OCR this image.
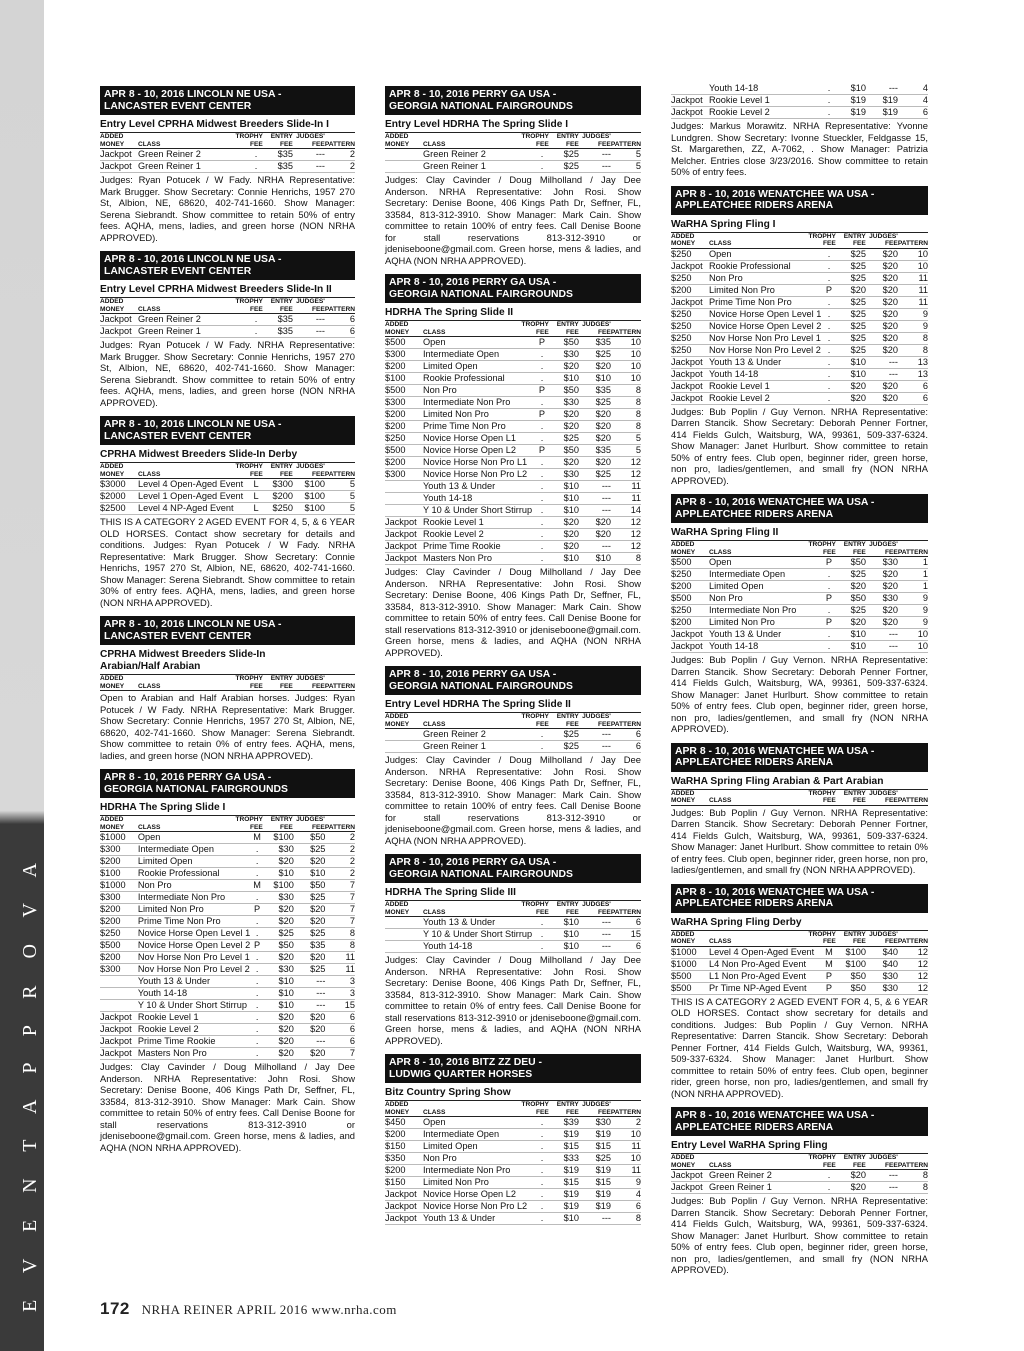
E V E N T A P P R O V A L S
APR 8 - 10, 2016 LINCOLN NE USA -
LANCASTER EVENT CENTER
Entry Level CPRHA Midwest Breeders Slide-In I
ADDED MONEY	CLASS	TROPHY FEE	ENTRY FEE	JUDGES' FEE	PATTERN
Jackpot	Green Reiner 2	.	$35	---	2
Jackpot	Green Reiner 1	.	$35	---	2
Judges: Ryan Potucek / W Fady. NRHA Representative: Mark Brugger. Show Secretary: Connie Henrichs, 1957 270 St, Albion, NE, 68620, 402-741-1660. Show Manager: Serena Siebrandt. Show committee to retain 50% of entry fees. AQHA, mens, ladies, and green horse (NON NRHA APPROVED).
APR 8 - 10, 2016 LINCOLN NE USA -
LANCASTER EVENT CENTER
Entry Level CPRHA Midwest Breeders Slide-In II
ADDED MONEY	CLASS	TROPHY FEE	ENTRY FEE	JUDGES' FEE	PATTERN
Jackpot	Green Reiner 2	.	$35	---	6
Jackpot	Green Reiner 1	.	$35	---	6
Judges: Ryan Potucek / W Fady. NRHA Representative: Mark Brugger. Show Secretary: Connie Henrichs, 1957 270 St, Albion, NE, 68620, 402-741-1660. Show Manager: Serena Siebrandt. Show committee to retain 50% of entry fees. AQHA, mens, ladies, and green horse (NON NRHA APPROVED).
APR 8 - 10, 2016 LINCOLN NE USA -
LANCASTER EVENT CENTER
CPRHA Midwest Breeders Slide-In Derby
ADDED MONEY	CLASS	TROPHY FEE	ENTRY FEE	JUDGES' FEE	PATTERN
$3000	Level 4 Open-Aged Event	L	$300	$100	5
$2000	Level 1 Open-Aged Event	L	$200	$100	5
$2500	Level 4 NP-Aged Event	L	$250	$100	5
THIS IS A CATEGORY 2 AGED EVENT FOR 4, 5, & 6 YEAR OLD HORSES. Contact show secretary for details and conditions. Judges: Ryan Potucek / W Fady. NRHA Representative: Mark Brugger. Show Secretary: Connie Henrichs, 1957 270 St, Albion, NE, 68620, 402-741-1660. Show Manager: Serena Siebrandt. Show committee to retain 30% of entry fees. AQHA, mens, ladies, and green horse (NON NRHA APPROVED).
APR 8 - 10, 2016 LINCOLN NE USA -
LANCASTER EVENT CENTER
CPRHA Midwest Breeders Slide-In
Arabian/Half Arabian
ADDED MONEY	CLASS	TROPHY FEE	ENTRY FEE	JUDGES' FEE	PATTERN
Open to Arabian and Half Arabian horses. Judges: Ryan Potucek / W Fady. NRHA Representative: Mark Brugger. Show Secretary: Connie Henrichs, 1957 270 St, Albion, NE, 68620, 402-741-1660. Show Manager: Serena Siebrandt. Show committee to retain 0% of entry fees. AQHA, mens, ladies, and green horse (NON NRHA APPROVED).
APR 8 - 10, 2016 PERRY GA USA -
GEORGIA NATIONAL FAIRGROUNDS
HDRHA The Spring Slide I
ADDED MONEY	CLASS	TROPHY FEE	ENTRY FEE	JUDGES' FEE	PATTERN
$1000	Open	M	$100	$50	2
$300	Intermediate Open	.	$30	$25	2
$200	Limited Open	.	$20	$20	2
$100	Rookie Professional	.	$10	$10	2
$1000	Non Pro	M	$100	$50	7
$300	Intermediate Non Pro	.	$30	$25	7
$200	Limited Non Pro	P	$20	$20	7
$200	Prime Time Non Pro	.	$20	$20	7
$250	Novice Horse Open Level 1	.	$25	$25	8
$500	Novice Horse Open Level 2	P	$50	$35	8
$200	Nov Horse Non Pro Level 1	.	$20	$20	11
$300	Nov Horse Non Pro Level 2	.	$30	$25	11
	Youth 13 & Under	.	$10	---	3
	Youth 14-18	.	$10	---	3
	Y 10 & Under Short Stirrup	.	$10	---	15
Jackpot	Rookie Level 1	.	$20	$20	6
Jackpot	Rookie Level 2	.	$20	$20	6
Jackpot	Prime Time Rookie	.	$20	---	6
Jackpot	Masters Non Pro	.	$20	$20	7
Judges: Clay Cavinder / Doug Milholland / Jay Dee Anderson. NRHA Representative: John Rosi. Show Secretary: Denise Boone, 406 Kings Path Dr, Seffner, FL, 33584, 813-312-3910. Show Manager: Mark Cain. Show committee to retain 50% of entry fees. Call Denise Boone for stall reservations 813-312-3910 or jdeniseboone@gmail.com. Green horse, mens & ladies, and AQHA (NON NRHA APPROVED).
APR 8 - 10, 2016 PERRY GA USA -
GEORGIA NATIONAL FAIRGROUNDS
Entry Level HDRHA The Spring Slide I
ADDED MONEY	CLASS	TROPHY FEE	ENTRY FEE	JUDGES' FEE	PATTERN
	Green Reiner 2	.	$25	---	5
	Green Reiner 1	.	$25	---	5
Judges: Clay Cavinder / Doug Milholland / Jay Dee Anderson. NRHA Representative: John Rosi. Show Secretary: Denise Boone, 406 Kings Path Dr, Seffner, FL, 33584, 813-312-3910. Show Manager: Mark Cain. Show committee to retain 100% of entry fees. Call Denise Boone for stall reservations 813-312-3910 or jdeniseboone@gmail.com. Green horse, mens & ladies, and AQHA (NON NRHA APPROVED).
APR 8 - 10, 2016 PERRY GA USA -
GEORGIA NATIONAL FAIRGROUNDS
HDRHA The Spring Slide II
ADDED MONEY	CLASS	TROPHY FEE	ENTRY FEE	JUDGES' FEE	PATTERN
$500	Open	P	$50	$35	10
$300	Intermediate Open	.	$30	$25	10
$200	Limited Open	.	$20	$20	10
$100	Rookie Professional	.	$10	$10	10
$500	Non Pro	P	$50	$35	8
$300	Intermediate Non Pro	.	$30	$25	8
$200	Limited Non Pro	P	$20	$20	8
$200	Prime Time Non Pro	.	$20	$20	8
$250	Novice Horse Open L1	.	$25	$20	5
$500	Novice Horse Open L2	P	$50	$35	5
$200	Novice Horse Non Pro L1	.	$20	$20	12
$300	Novice Horse Non Pro L2	.	$30	$25	12
	Youth 13 & Under	.	$10	---	11
	Youth 14-18	.	$10	---	11
	Y 10 & Under Short Stirrup	.	$10	---	14
Jackpot	Rookie Level 1	.	$20	$20	12
Jackpot	Rookie Level 2	.	$20	$20	12
Jackpot	Prime Time Rookie	.	$20	---	12
Jackpot	Masters Non Pro	.	$10	$10	8
Judges: Clay Cavinder / Doug Milholland / Jay Dee Anderson. NRHA Representative: John Rosi. Show Secretary: Denise Boone, 406 Kings Path Dr, Seffner, FL, 33584, 813-312-3910. Show Manager: Mark Cain. Show committee to retain 50% of entry fees. Call Denise Boone for stall reservations 813-312-3910 or jdeniseboone@gmail.com. Green horse, mens & ladies, and AQHA (NON NRHA APPROVED).
APR 8 - 10, 2016 PERRY GA USA -
GEORGIA NATIONAL FAIRGROUNDS
Entry Level HDRHA The Spring Slide II
ADDED MONEY	CLASS	TROPHY FEE	ENTRY FEE	JUDGES' FEE	PATTERN
	Green Reiner 2	.	$25	---	6
	Green Reiner 1	.	$25	---	6
Judges: Clay Cavinder / Doug Milholland / Jay Dee Anderson. NRHA Representative: John Rosi. Show Secretary: Denise Boone, 406 Kings Path Dr, Seffner, FL, 33584, 813-312-3910. Show Manager: Mark Cain. Show committee to retain 100% of entry fees. Call Denise Boone for stall reservations 813-312-3910 or jdeniseboone@gmail.com. Green horse, mens & ladies, and AQHA (NON NRHA APPROVED).
APR 8 - 10, 2016 PERRY GA USA -
GEORGIA NATIONAL FAIRGROUNDS
HDRHA The Spring Slide III
ADDED MONEY	CLASS	TROPHY FEE	ENTRY FEE	JUDGES' FEE	PATTERN
	Youth 13 & Under	.	$10	---	6
	Y 10 & Under Short Stirrup	.	$10	---	15
	Youth 14-18	.	$10	---	6
Judges: Clay Cavinder / Doug Milholland / Jay Dee Anderson. NRHA Representative: John Rosi. Show Secretary: Denise Boone, 406 Kings Path Dr, Seffner, FL, 33584, 813-312-3910. Show Manager: Mark Cain. Show committee to retain 0% of entry fees. Call Denise Boone for stall reservations 813-312-3910 or jdeniseboone@gmail.com. Green horse, mens & ladies, and AQHA (NON NRHA APPROVED).
APR 8 - 10, 2016 BITZ ZZ DEU -
LUDWIG QUARTER HORSES
Bitz Country Spring Show
ADDED MONEY	CLASS	TROPHY FEE	ENTRY FEE	JUDGES' FEE	PATTERN
$450	Open	.	$39	$30	2
$200	Intermediate Open	.	$19	$19	10
$150	Limited Open	.	$15	$15	11
$350	Non Pro	.	$33	$25	10
$200	Intermediate Non Pro	.	$19	$19	11
$150	Limited Non Pro	.	$15	$15	9
Jackpot	Novice Horse Open L2	.	$19	$19	4
Jackpot	Novice Horse Non Pro L2	.	$19	$19	6
Jackpot	Youth 13 & Under	.	$10	---	8
	Youth 14-18	.	$10	---	4
Jackpot	Rookie Level 1	.	$19	$19	4
Jackpot	Rookie Level 2	.	$19	$19	6
Judges: Markus Morawitz. NRHA Representative: Yvonne Lundgren. Show Secretary: Ivonne Stueckler, Feldgasse 15, St. Margarethen, ZZ, A-7062, . Show Manager: Patrizia Melcher. Entries close 3/23/2016. Show committee to retain 50% of entry fees.
APR 8 - 10, 2016 WENATCHEE WA USA -
APPLEATCHEE RIDERS ARENA
WaRHA Spring Fling I
ADDED MONEY	CLASS	TROPHY FEE	ENTRY FEE	JUDGES' FEE	PATTERN
$250	Open	.	$25	$20	10
Jackpot	Rookie Professional	.	$25	$20	10
$250	Non Pro	.	$25	$20	11
$200	Limited Non Pro	P	$20	$20	11
Jackpot	Prime Time Non Pro	.	$25	$20	11
$250	Novice Horse Open Level 1	.	$25	$20	9
$250	Novice Horse Open Level 2	.	$25	$20	9
$250	Nov Horse Non Pro Level 1	.	$25	$20	8
$250	Nov Horse Non Pro Level 2	.	$25	$20	8
Jackpot	Youth 13 & Under	.	$10	---	13
Jackpot	Youth 14-18	.	$10	---	13
Jackpot	Rookie Level 1	.	$20	$20	6
Jackpot	Rookie Level 2	.	$20	$20	6
Judges: Bub Poplin / Guy Vernon. NRHA Representative: Darren Stancik. Show Secretary: Deborah Penner Fortner, 414 Fields Gulch, Waitsburg, WA, 99361, 509-337-6324. Show Manager: Janet Hurlburt. Show committee to retain 50% of entry fees. Club open, beginner rider, green horse, non pro, ladies/gentlemen, and small fry (NON NRHA APPROVED).
APR 8 - 10, 2016 WENATCHEE WA USA -
APPLEATCHEE RIDERS ARENA
WaRHA Spring Fling II
ADDED MONEY	CLASS	TROPHY FEE	ENTRY FEE	JUDGES' FEE	PATTERN
$500	Open	P	$50	$30	1
$250	Intermediate Open	.	$25	$20	1
$200	Limited Open	.	$20	$20	1
$500	Non Pro	P	$50	$30	9
$250	Intermediate Non Pro	.	$25	$20	9
$200	Limited Non Pro	P	$20	$20	9
Jackpot	Youth 13 & Under	.	$10	---	10
Jackpot	Youth 14-18	.	$10	---	10
Judges: Bub Poplin / Guy Vernon. NRHA Representative: Darren Stancik. Show Secretary: Deborah Penner Fortner, 414 Fields Gulch, Waitsburg, WA, 99361, 509-337-6324. Show Manager: Janet Hurlburt. Show committee to retain 50% of entry fees. Club open, beginner rider, green horse, non pro, ladies/gentlemen, and small fry (NON NRHA APPROVED).
APR 8 - 10, 2016 WENATCHEE WA USA -
APPLEATCHEE RIDERS ARENA
WaRHA Spring Fling Arabian & Part Arabian
ADDED MONEY	CLASS	TROPHY FEE	ENTRY FEE	JUDGES' FEE	PATTERN
Judges: Bub Poplin / Guy Vernon. NRHA Representative: Darren Stancik. Show Secretary: Deborah Penner Fortner, 414 Fields Gulch, Waitsburg, WA, 99361, 509-337-6324. Show Manager: Janet Hurlburt. Show committee to retain 0% of entry fees. Club open, beginner rider, green horse, non pro, ladies/gentlemen, and small fry (NON NRHA APPROVED).
APR 8 - 10, 2016 WENATCHEE WA USA -
APPLEATCHEE RIDERS ARENA
WaRHA Spring Fling Derby
ADDED MONEY	CLASS	TROPHY FEE	ENTRY FEE	JUDGES' FEE	PATTERN
$1000	Level 4 Open-Aged Event	M	$100	$40	12
$1000	L4 Non Pro-Aged Event	M	$100	$40	12
$500	L1 Non Pro-Aged Event	P	$50	$30	12
$500	Pr Time NP-Aged Event	P	$50	$30	12
THIS IS A CATEGORY 2 AGED EVENT FOR 4, 5, & 6 YEAR OLD HORSES. Contact show secretary for details and conditions. Judges: Bub Poplin / Guy Vernon. NRHA Representative: Darren Stancik. Show Secretary: Deborah Penner Fortner, 414 Fields Gulch, Waitsburg, WA, 99361, 509-337-6324. Show Manager: Janet Hurlburt. Show committee to retain 50% of entry fees. Club open, beginner rider, green horse, non pro, ladies/gentlemen, and small fry (NON NRHA APPROVED).
APR 8 - 10, 2016 WENATCHEE WA USA -
APPLEATCHEE RIDERS ARENA
Entry Level WaRHA Spring Fling
ADDED MONEY	CLASS	TROPHY FEE	ENTRY FEE	JUDGES' FEE	PATTERN
Jackpot	Green Reiner 2	.	$20	---	8
Jackpot	Green Reiner 1	.	$20	---	8
Judges: Bub Poplin / Guy Vernon. NRHA Representative: Darren Stancik. Show Secretary: Deborah Penner Fortner, 414 Fields Gulch, Waitsburg, WA, 99361, 509-337-6324. Show Manager: Janet Hurlburt. Show committee to retain 50% of entry fees. Club open, beginner rider, green horse, non pro, ladies/gentlemen, and small fry (NON NRHA APPROVED).
172 NRHA REINER APRIL 2016 www.nrha.com
